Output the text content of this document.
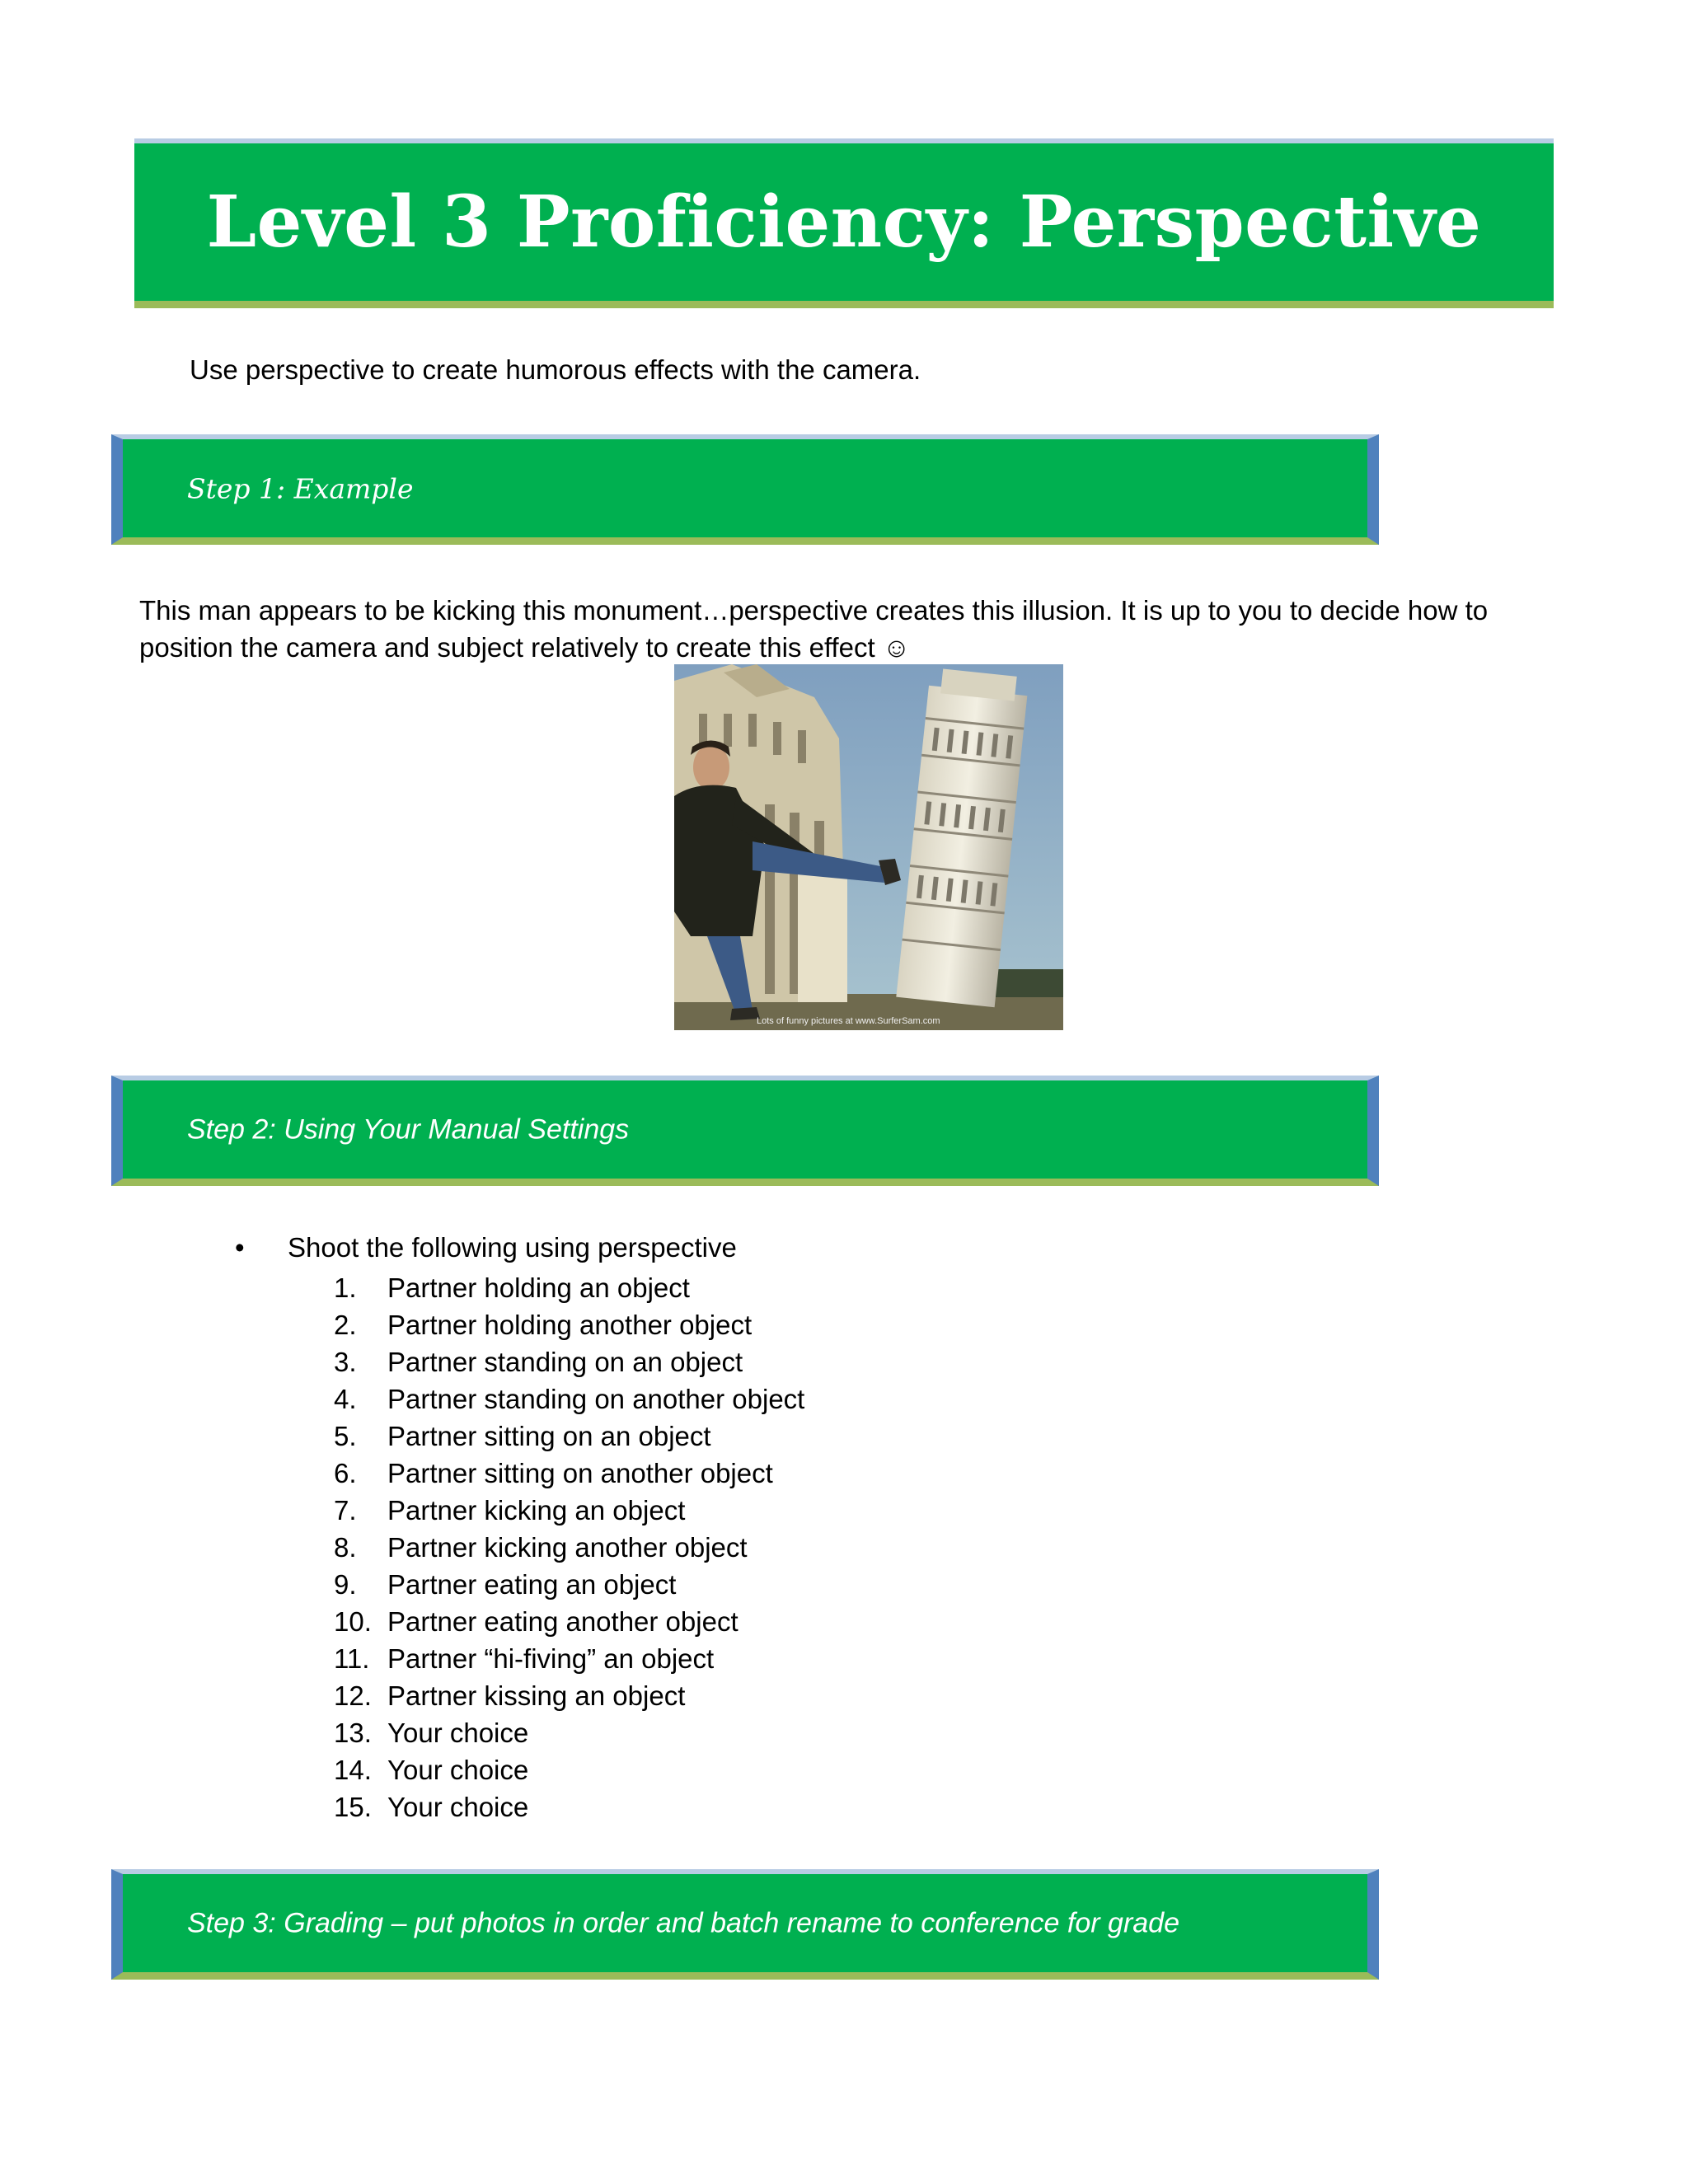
Level 3 Proficiency: Perspective
Use perspective to create humorous effects with the camera.
Step 1: Example
This man appears to be kicking this monument…perspective creates this illusion. It is up to you to decide how to position the camera and subject relatively to create this effect ☺
Lots of funny pictures at www.SurferSam.com
Step 2: Using Your Manual Settings
• Shoot the following using perspective
1. Partner holding an object
2. Partner holding another object
3. Partner standing on an object
4. Partner standing on another object
5. Partner sitting on an object
6. Partner sitting on another object
7. Partner kicking an object
8. Partner kicking another object
9. Partner eating an object
10. Partner eating another object
11. Partner “hi-fiving” an object
12. Partner kissing an object
13. Your choice
14. Your choice
15. Your choice
Step 3: Grading – put photos in order and batch rename to conference for grade
